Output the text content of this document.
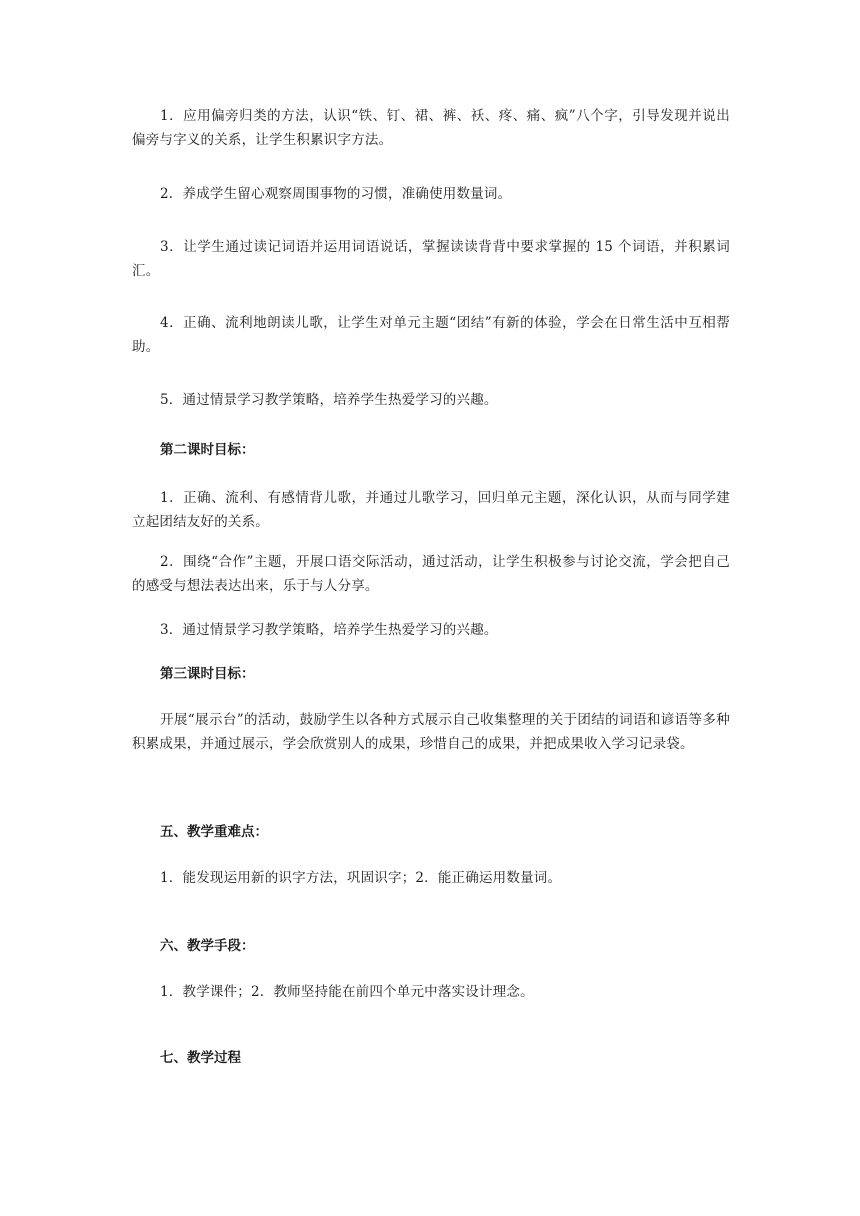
1．应用偏旁归类的方法，认识“铁、钉、裙、裤、袄、疼、痛、疯”八个字，引导发现并说出偏旁与字义的关系，让学生积累识字方法。

2．养成学生留心观察周围事物的习惯，准确使用数量词。

3．让学生通过读记词语并运用词语说话，掌握读读背背中要求掌握的 15 个词语，并积累词汇。

4．正确、流利地朗读儿歌，让学生对单元主题“团结”有新的体验，学会在日常生活中互相帮助。

5．通过情景学习教学策略，培养学生热爱学习的兴趣。

第二课时目标：

1．正确、流利、有感情背儿歌，并通过儿歌学习，回归单元主题，深化认识，从而与同学建立起团结友好的关系。

2．围绕“合作”主题，开展口语交际活动，通过活动，让学生积极参与讨论交流，学会把自己的感受与想法表达出来，乐于与人分享。

3．通过情景学习教学策略，培养学生热爱学习的兴趣。

第三课时目标：

开展“展示台”的活动，鼓励学生以各种方式展示自己收集整理的关于团结的词语和谚语等多种积累成果，并通过展示，学会欣赏别人的成果，珍惜自己的成果，并把成果收入学习记录袋。

五、教学重难点：

1．能发现运用新的识字方法，巩固识字；2．能正确运用数量词。

六、教学手段：

1．教学课件；2．教师坚持能在前四个单元中落实设计理念。

七、教学过程
